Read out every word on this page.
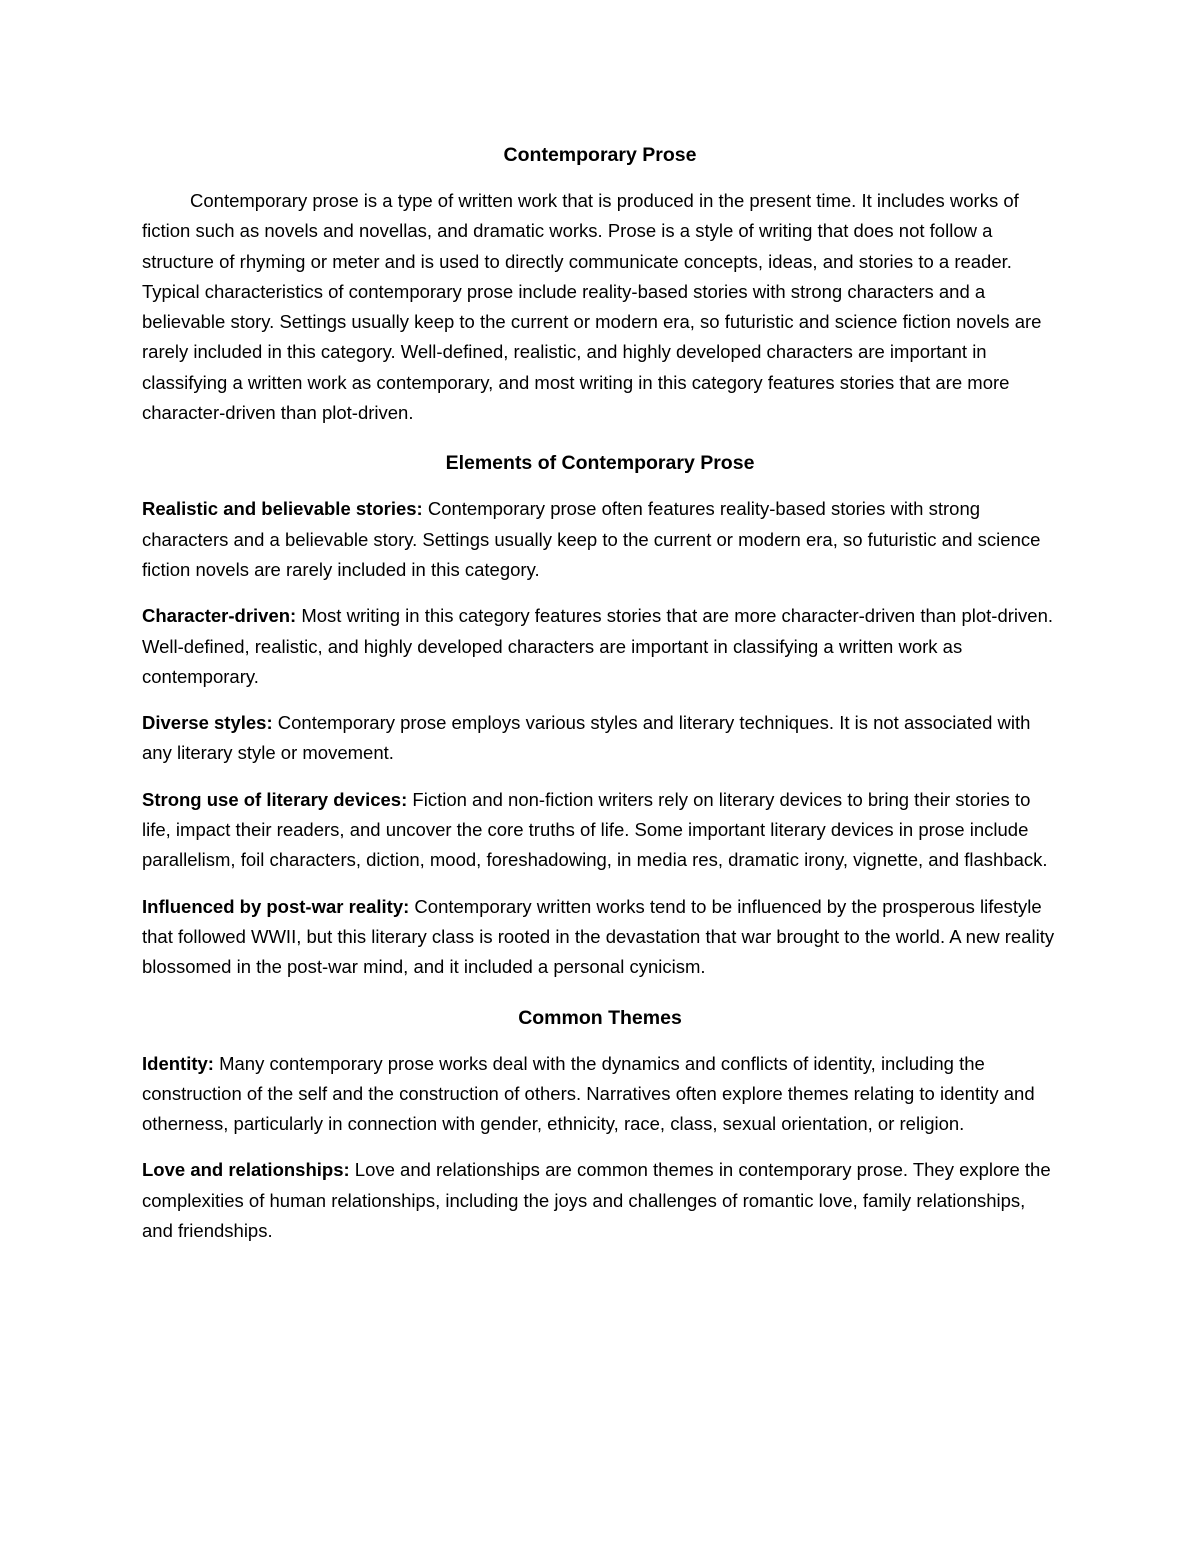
Contemporary Prose

Contemporary prose is a type of written work that is produced in the present time. It includes works of fiction such as novels and novellas, and dramatic works. Prose is a style of writing that does not follow a structure of rhyming or meter and is used to directly communicate concepts, ideas, and stories to a reader. Typical characteristics of contemporary prose include reality-based stories with strong characters and a believable story. Settings usually keep to the current or modern era, so futuristic and science fiction novels are rarely included in this category. Well-defined, realistic, and highly developed characters are important in classifying a written work as contemporary, and most writing in this category features stories that are more character-driven than plot-driven.

Elements of Contemporary Prose

Realistic and believable stories: Contemporary prose often features reality-based stories with strong characters and a believable story. Settings usually keep to the current or modern era, so futuristic and science fiction novels are rarely included in this category.

Character-driven: Most writing in this category features stories that are more character-driven than plot-driven. Well-defined, realistic, and highly developed characters are important in classifying a written work as contemporary.

Diverse styles: Contemporary prose employs various styles and literary techniques. It is not associated with any literary style or movement.

Strong use of literary devices: Fiction and non-fiction writers rely on literary devices to bring their stories to life, impact their readers, and uncover the core truths of life. Some important literary devices in prose include parallelism, foil characters, diction, mood, foreshadowing, in media res, dramatic irony, vignette, and flashback.

Influenced by post-war reality: Contemporary written works tend to be influenced by the prosperous lifestyle that followed WWII, but this literary class is rooted in the devastation that war brought to the world. A new reality blossomed in the post-war mind, and it included a personal cynicism.

Common Themes

Identity: Many contemporary prose works deal with the dynamics and conflicts of identity, including the construction of the self and the construction of others. Narratives often explore themes relating to identity and otherness, particularly in connection with gender, ethnicity, race, class, sexual orientation, or religion.

Love and relationships: Love and relationships are common themes in contemporary prose. They explore the complexities of human relationships, including the joys and challenges of romantic love, family relationships, and friendships.
